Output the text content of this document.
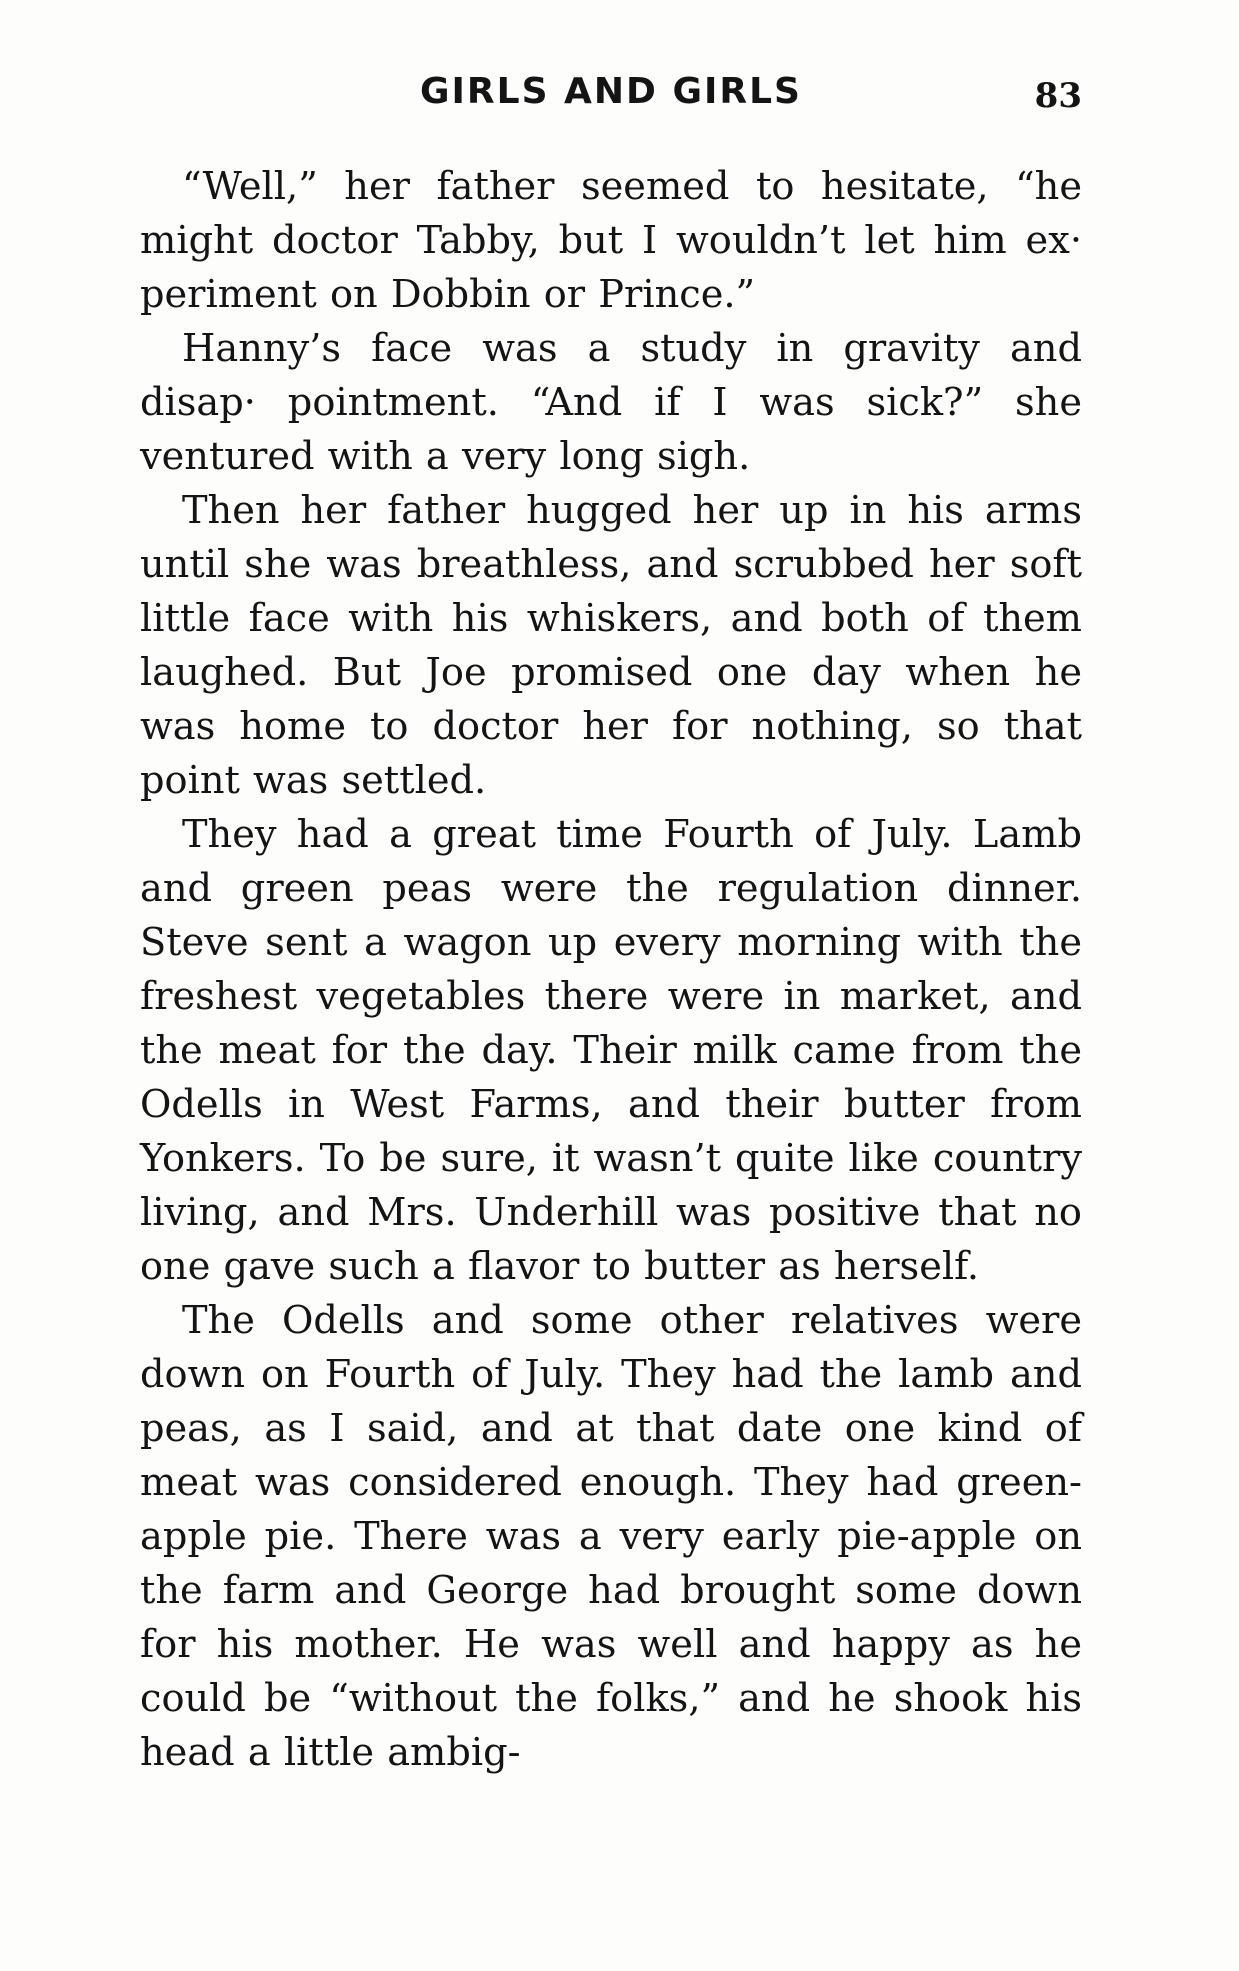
GIRLS AND GIRLS	83

“Well,” her father seemed to hesitate, “he might doctor Tabby, but I wouldn’t let him ex· periment on Dobbin or Prince.”

Hanny’s face was a study in gravity and disap· pointment. “And if I was sick?” she ventured with a very long sigh.

Then her father hugged her up in his arms until she was breathless, and scrubbed her soft little face with his whiskers, and both of them laughed. But Joe promised one day when he was home to doctor her for nothing, so that point was settled.

They had a great time Fourth of July. Lamb and green peas were the regulation dinner. Steve sent a wagon up every morning with the freshest vegetables there were in market, and the meat for the day. Their milk came from the Odells in West Farms, and their butter from Yonkers. To be sure, it wasn’t quite like country living, and Mrs. Underhill was positive that no one gave such a flavor to butter as herself.

The Odells and some other relatives were down on Fourth of July. They had the lamb and peas, as I said, and at that date one kind of meat was considered enough. They had green-apple pie. There was a very early pie-apple on the farm and George had brought some down for his mother. He was well and happy as he could be “without the folks,” and he shook his head a little ambig‐
